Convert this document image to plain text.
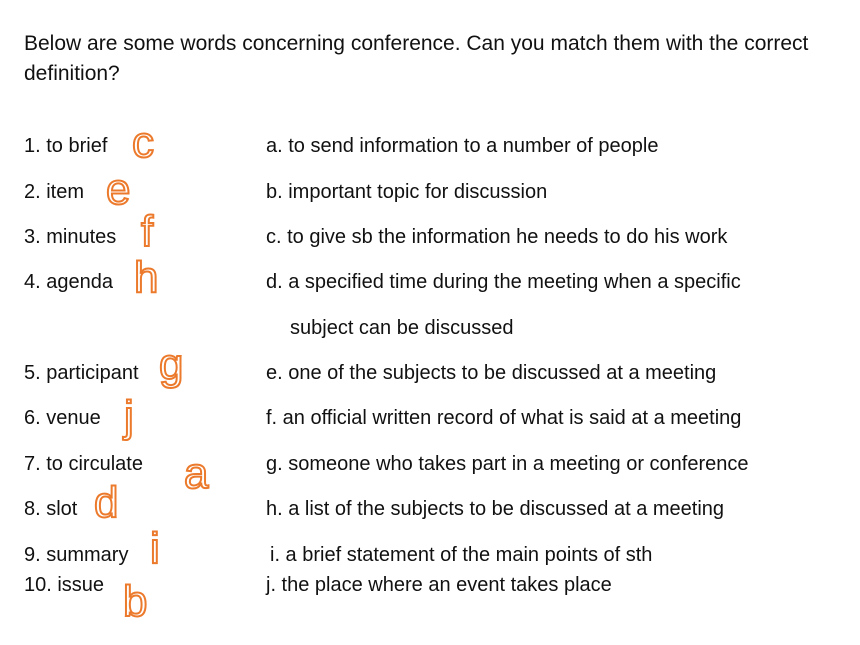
Below are some words concerning conference. Can you match them with the correct definition?
1. to brief
2. item
3. minutes
4. agenda
5. participant
6. venue
7. to circulate
8. slot
9. summary
10. issue
c
e
f
h
g
j
a
d
i
b
a. to send information to a number of people
b. important topic for discussion
c. to give sb the information he needs to do his work
d. a specified time during the meeting when a specific
subject can be discussed
e. one of the subjects to be discussed at a meeting
f. an official written record of what is said at a meeting
g. someone who takes part in a meeting or conference
h. a list of the subjects to be discussed at a meeting
i. a brief statement of the main points of sth
j. the place where an event takes place
